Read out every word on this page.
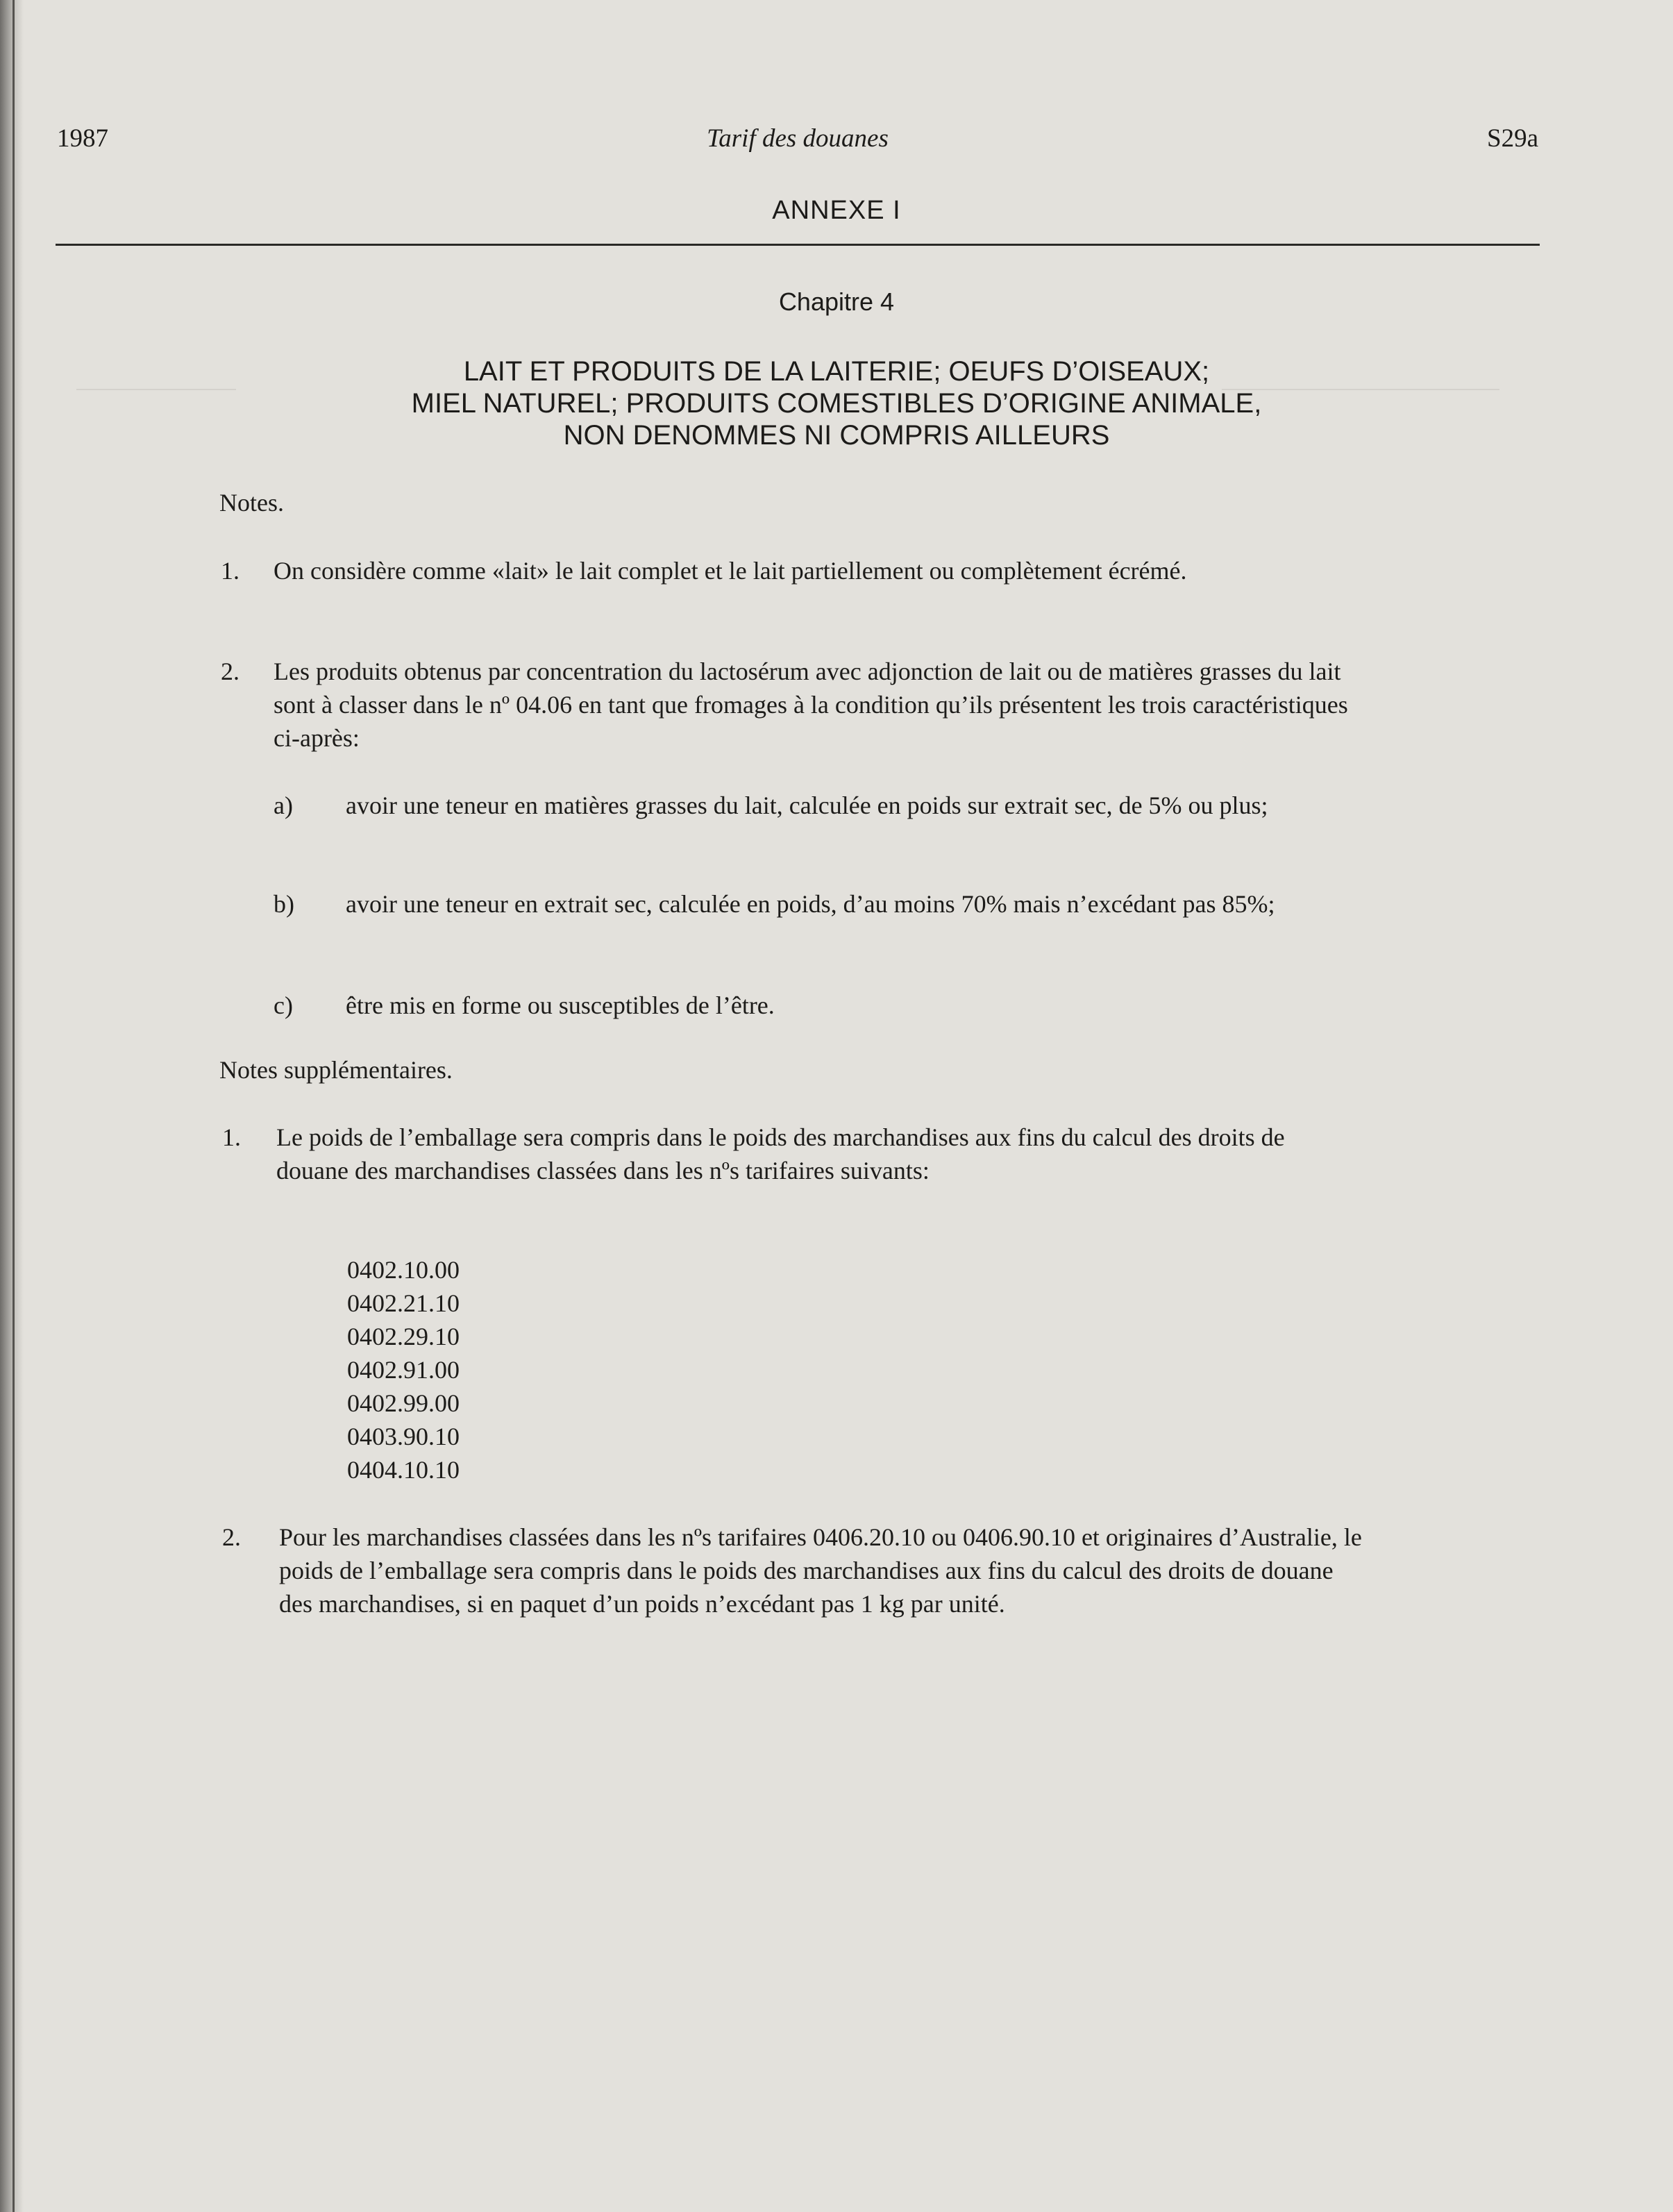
1987	Tarif des douanes	S29a
ANNEXE I
Chapitre 4
LAIT ET PRODUITS DE LA LAITERIE; OEUFS D’OISEAUX;
MIEL NATUREL; PRODUITS COMESTIBLES D’ORIGINE ANIMALE,
NON DENOMMES NI COMPRIS AILLEURS
Notes.
1. On considère comme «lait» le lait complet et le lait partiellement ou complètement écrémé.
2. Les produits obtenus par concentration du lactosérum avec adjonction de lait ou de matières grasses du lait sont à classer dans le nº 04.06 en tant que fromages à la condition qu’ils présentent les trois caractéristiques ci-après:
a) avoir une teneur en matières grasses du lait, calculée en poids sur extrait sec, de 5% ou plus;
b) avoir une teneur en extrait sec, calculée en poids, d’au moins 70% mais n’excédant pas 85%;
c) être mis en forme ou susceptibles de l’être.
Notes supplémentaires.
1. Le poids de l’emballage sera compris dans le poids des marchandises aux fins du calcul des droits de douane des marchandises classées dans les nºs tarifaires suivants:
0402.10.00
0402.21.10
0402.29.10
0402.91.00
0402.99.00
0403.90.10
0404.10.10
2. Pour les marchandises classées dans les nºs tarifaires 0406.20.10 ou 0406.90.10 et originaires d’Australie, le poids de l’emballage sera compris dans le poids des marchandises aux fins du calcul des droits de douane des marchandises, si en paquet d’un poids n’excédant pas 1 kg par unité.
